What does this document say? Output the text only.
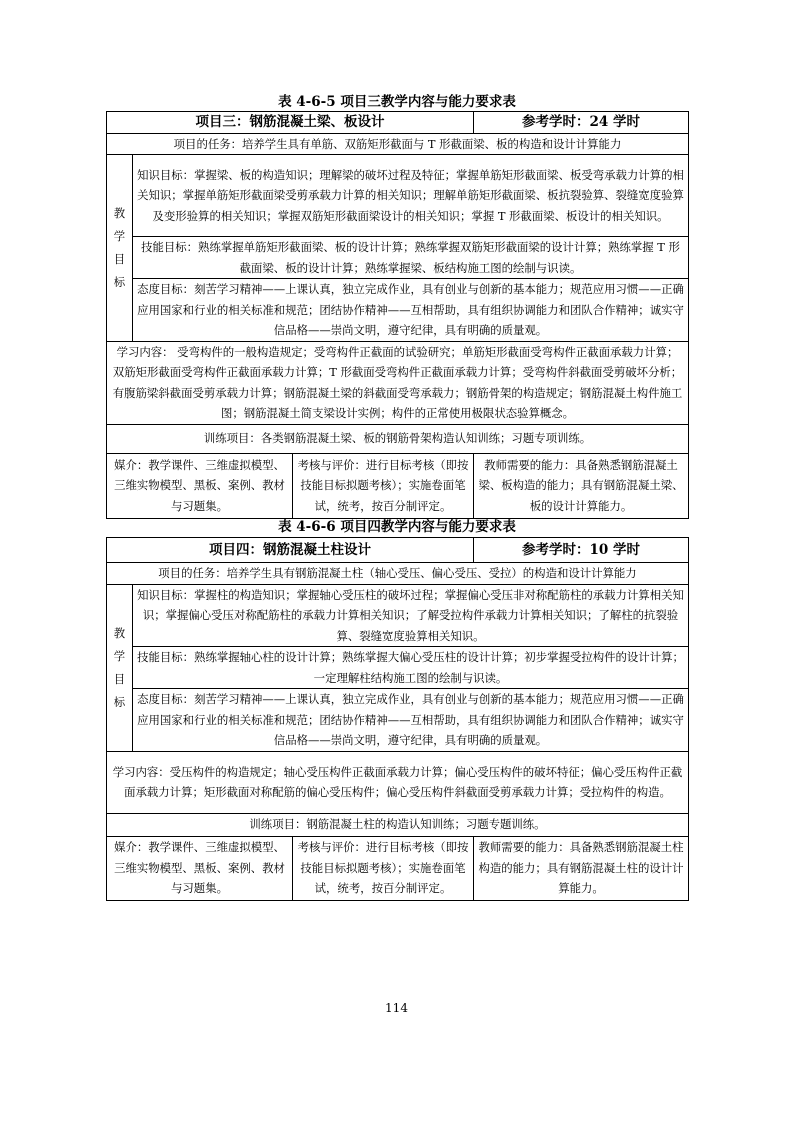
表 4-6-5 项目三教学内容与能力要求表
项目三：钢筋混凝土梁、板设计			参考学时：24 学时
项目的任务：培养学生具有单筋、双筋矩形截面与 T 形截面梁、板的构造和设计计算能力			

教
学
目
标	知识目标：掌握梁、板的构造知识；理解梁的破坏过程及特征；掌握单筋矩形截面梁、板受弯承载力计算的相关知识；掌握单筋矩形截面梁受剪承载力计算的相关知识；理解单筋矩形截面梁、板抗裂验算、裂缝宽度验算及变形验算的相关知识；掌握双筋矩形截面梁设计的相关知识；掌握 T 形截面梁、板设计的相关知识。		
	技能目标：熟练掌握单筋矩形截面梁、板的设计计算；熟练掌握双筋矩形截面梁的设计计算；熟练掌握 T 形截面梁、板的设计计算；熟练掌握梁、板结构施工图的绘制与识读。		
	态度目标：刻苦学习精神——上课认真，独立完成作业，具有创业与创新的基本能力；规范应用习惯——正确应用国家和行业的相关标准和规范；团结协作精神——互相帮助，具有组织协调能力和团队合作精神；诚实守信品格——崇尚文明，遵守纪律，具有明确的质量观。		
学习内容： 受弯构件的一般构造规定；受弯构件正截面的试验研究；单筋矩形截面受弯构件正截面承载力计算；双筋矩形截面受弯构件正截面承载力计算；T 形截面受弯构件正截面承载力计算；受弯构件斜截面受剪破坏分析；有腹筋梁斜截面受剪承载力计算；钢筋混凝土梁的斜截面受弯承载力；钢筋骨架的构造规定；钢筋混凝土构件施工图；钢筋混凝土简支梁设计实例；构件的正常使用极限状态验算概念。			
训练项目：各类钢筋混凝土梁、板的钢筋骨架构造认知训练；习题专项训练。			
媒介：教学课件、三维虚拟模型、三维实物模型、黑板、案例、教材与习题集。		考核与评价：进行目标考核（即按技能目标拟题考核）；实施卷面笔试，统考，按百分制评定。	教师需要的能力：具备熟悉钢筋混凝土梁、板构造的能力；具有钢筋混凝土梁、板的设计计算能力。
表 4-6-6 项目四教学内容与能力要求表
项目四：钢筋混凝土柱设计			参考学时：10 学时
项目的任务：培养学生具有钢筋混凝土柱（轴心受压、偏心受压、受拉）的构造和设计计算能力			

教
学
目
标	知识目标：掌握柱的构造知识；掌握轴心受压柱的破坏过程；掌握偏心受压非对称配筋柱的承载力计算相关知识；掌握偏心受压对称配筋柱的承载力计算相关知识；了解受拉构件承载力计算相关知识；了解柱的抗裂验算、裂缝宽度验算相关知识。		
	技能目标：熟练掌握轴心柱的设计计算；熟练掌握大偏心受压柱的设计计算；初步掌握受拉构件的设计计算；一定理解柱结构施工图的绘制与识读。		
	态度目标：刻苦学习精神——上课认真，独立完成作业，具有创业与创新的基本能力；规范应用习惯——正确应用国家和行业的相关标准和规范；团结协作精神——互相帮助，具有组织协调能力和团队合作精神；诚实守信品格——崇尚文明，遵守纪律，具有明确的质量观。		
学习内容：受压构件的构造规定；轴心受压构件正截面承载力计算；偏心受压构件的破坏特征；偏心受压构件正截面承载力计算；矩形截面对称配筋的偏心受压构件；偏心受压构件斜截面受剪承载力计算；受拉构件的构造。			
训练项目：钢筋混凝土柱的构造认知训练；习题专题训练。			
媒介：教学课件、三维虚拟模型、三维实物模型、黑板、案例、教材与习题集。		考核与评价：进行目标考核（即按技能目标拟题考核）；实施卷面笔试，统考，按百分制评定。	教师需要的能力：具备熟悉钢筋混凝土柱构造的能力；具有钢筋混凝土柱的设计计算能力。
114
